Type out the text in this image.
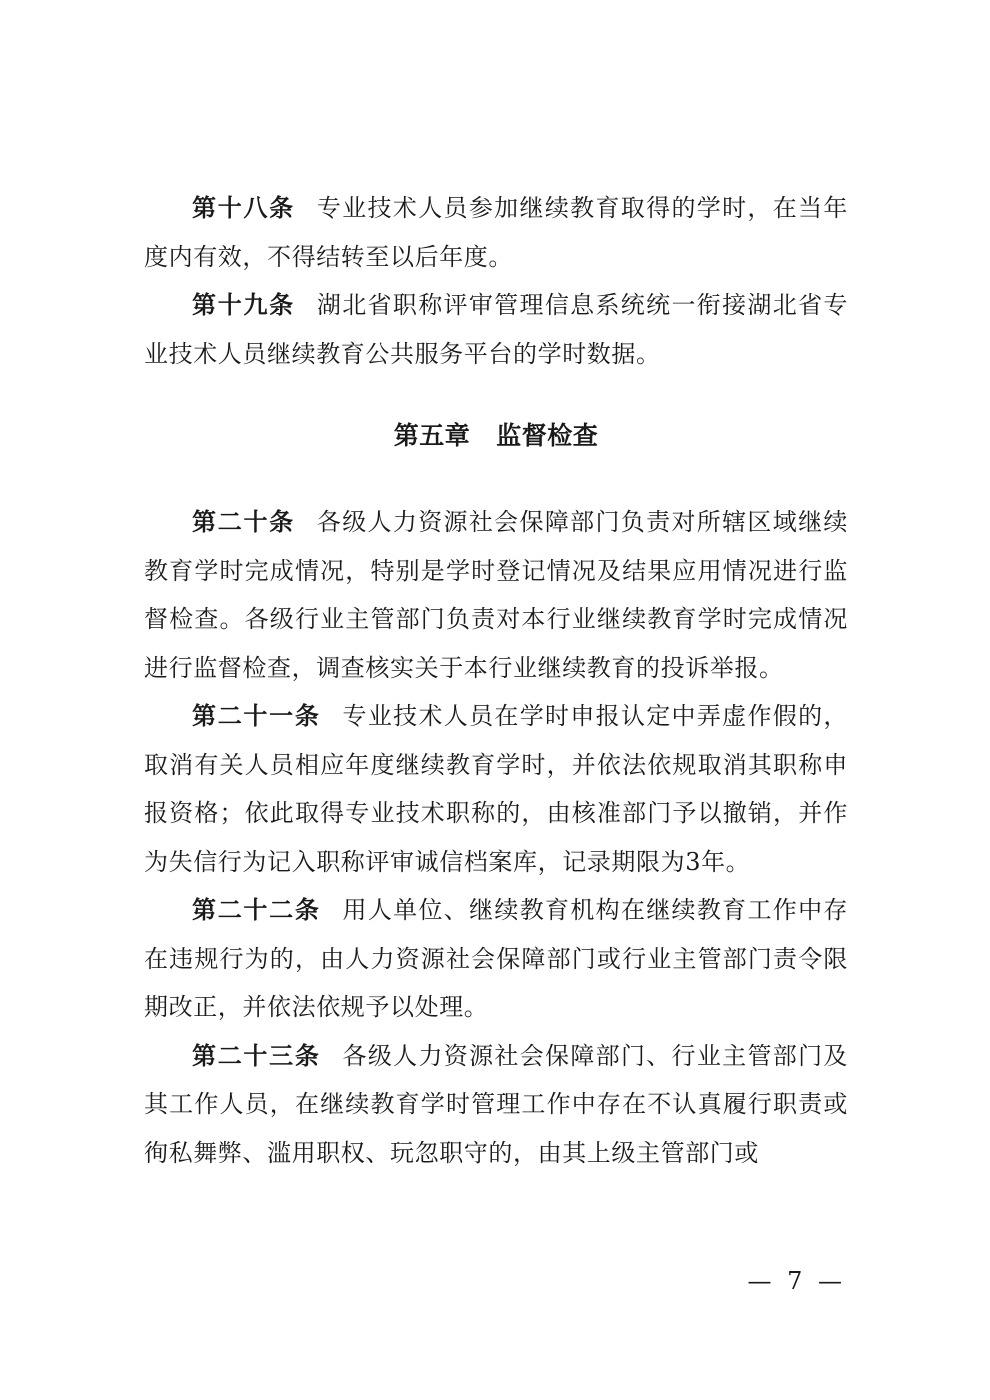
第十八条 专业技术人员参加继续教育取得的学时，在当年度内有效，不得结转至以后年度。

第十九条 湖北省职称评审管理信息系统统一衔接湖北省专业技术人员继续教育公共服务平台的学时数据。

第五章 监督检查

第二十条 各级人力资源社会保障部门负责对所辖区域继续教育学时完成情况，特别是学时登记情况及结果应用情况进行监督检查。各级行业主管部门负责对本行业继续教育学时完成情况进行监督检查，调查核实关于本行业继续教育的投诉举报。

第二十一条 专业技术人员在学时申报认定中弄虚作假的，取消有关人员相应年度继续教育学时，并依法依规取消其职称申报资格；依此取得专业技术职称的，由核准部门予以撤销，并作为失信行为记入职称评审诚信档案库，记录期限为3年。

第二十二条 用人单位、继续教育机构在继续教育工作中存在违规行为的，由人力资源社会保障部门或行业主管部门责令限期改正，并依法依规予以处理。

第二十三条 各级人力资源社会保障部门、行业主管部门及其工作人员，在继续教育学时管理工作中存在不认真履行职责或徇私舞弊、滥用职权、玩忽职守的，由其上级主管部门或

— 7 —
